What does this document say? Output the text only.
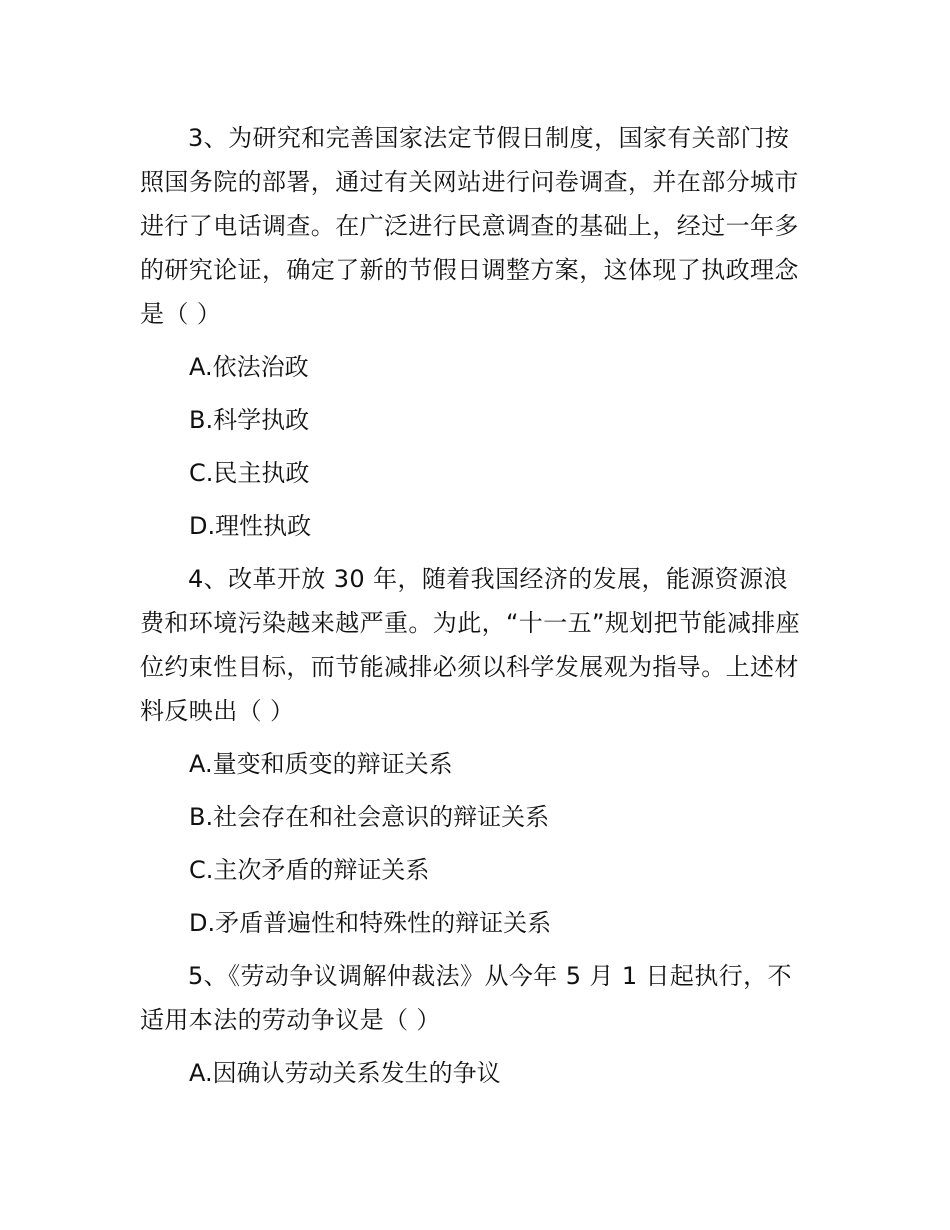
3、为研究和完善国家法定节假日制度，国家有关部门按照国务院的部署，通过有关网站进行问卷调查，并在部分城市进行了电话调查。在广泛进行民意调查的基础上，经过一年多的研究论证，确定了新的节假日调整方案，这体现了执政理念是（ ）

A.依法治政
B.科学执政
C.民主执政
D.理性执政

4、改革开放 30 年，随着我国经济的发展，能源资源浪费和环境污染越来越严重。为此，“十一五”规划把节能减排座位约束性目标，而节能减排必须以科学发展观为指导。上述材料反映出（ ）

A.量变和质变的辩证关系
B.社会存在和社会意识的辩证关系
C.主次矛盾的辩证关系
D.矛盾普遍性和特殊性的辩证关系

5、《劳动争议调解仲裁法》从今年 5 月 1 日起执行，不适用本法的劳动争议是（ ）

A.因确认劳动关系发生的争议
